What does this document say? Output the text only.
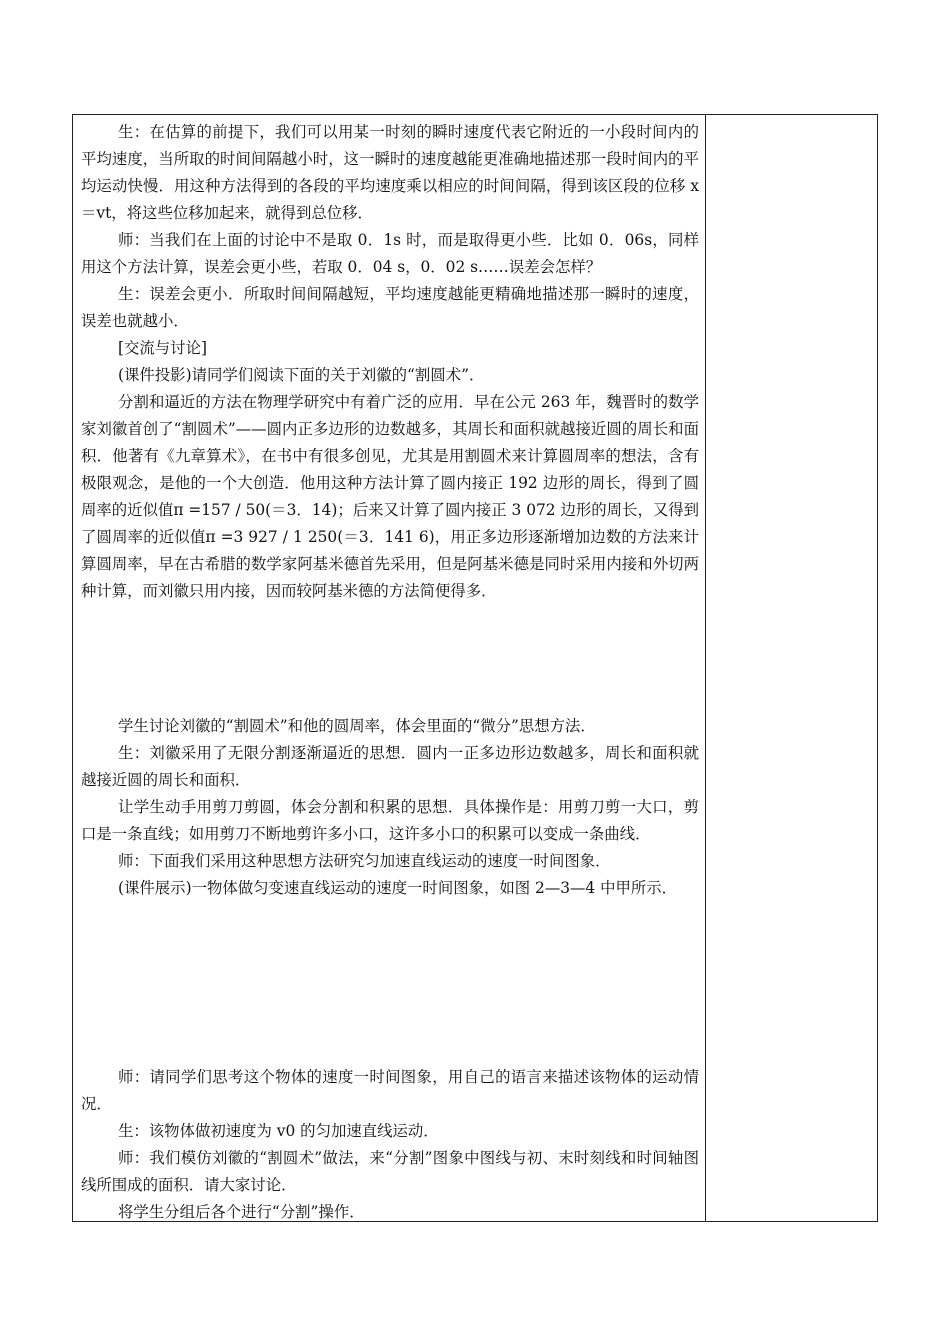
生：在估算的前提下，我们可以用某一时刻的瞬时速度代表它附近的一小段时间内的平均速度，当所取的时间间隔越小时，这一瞬时的速度越能更准确地描述那一段时间内的平均运动快慢．用这种方法得到的各段的平均速度乘以相应的时间间隔，得到该区段的位移 x＝vt，将这些位移加起来，就得到总位移．

师：当我们在上面的讨论中不是取 0．1s 时，而是取得更小些．比如 0．06s，同样用这个方法计算，误差会更小些，若取 0．04 s，0．02 s……误差会怎样？

生：误差会更小．所取时间间隔越短，平均速度越能更精确地描述那一瞬时的速度，误差也就越小．

[交流与讨论]

(课件投影)请同学们阅读下面的关于刘徽的“割圆术”．

分割和逼近的方法在物理学研究中有着广泛的应用．早在公元 263 年，魏晋时的数学家刘徽首创了“割圆术”——圆内正多边形的边数越多，其周长和面积就越接近圆的周长和面积．他著有《九章算术》，在书中有很多创见，尤其是用割圆术来计算圆周率的想法，含有极限观念，是他的一个大创造．他用这种方法计算了圆内接正 192 边形的周长，得到了圆周率的近似值π =157 / 50(＝3．14)；后来又计算了圆内接正 3 072 边形的周长，又得到了圆周率的近似值π =3 927 / 1 250(＝3．141 6)，用正多边形逐渐增加边数的方法来计算圆周率，早在古希腊的数学家阿基米德首先采用，但是阿基米德是同时采用内接和外切两种计算，而刘徽只用内接，因而较阿基米德的方法简便得多．

学生讨论刘徽的“割圆术”和他的圆周率，体会里面的“微分”思想方法．

生：刘徽采用了无限分割逐渐逼近的思想．圆内一正多边形边数越多，周长和面积就越接近圆的周长和面积．

让学生动手用剪刀剪圆，体会分割和积累的思想．具体操作是：用剪刀剪一大口，剪口是一条直线；如用剪刀不断地剪许多小口，这许多小口的积累可以变成一条曲线．

师：下面我们采用这种思想方法研究匀加速直线运动的速度一时间图象．

(课件展示)一物体做匀变速直线运动的速度一时间图象，如图 2—3—4 中甲所示．

师：请同学们思考这个物体的速度一时间图象，用自己的语言来描述该物体的运动情况．

生：该物体做初速度为 v0 的匀加速直线运动．

师：我们模仿刘徽的“割圆术”做法，来“分割”图象中图线与初、末时刻线和时间轴图线所围成的面积．请大家讨论．

将学生分组后各个进行“分割”操作．
